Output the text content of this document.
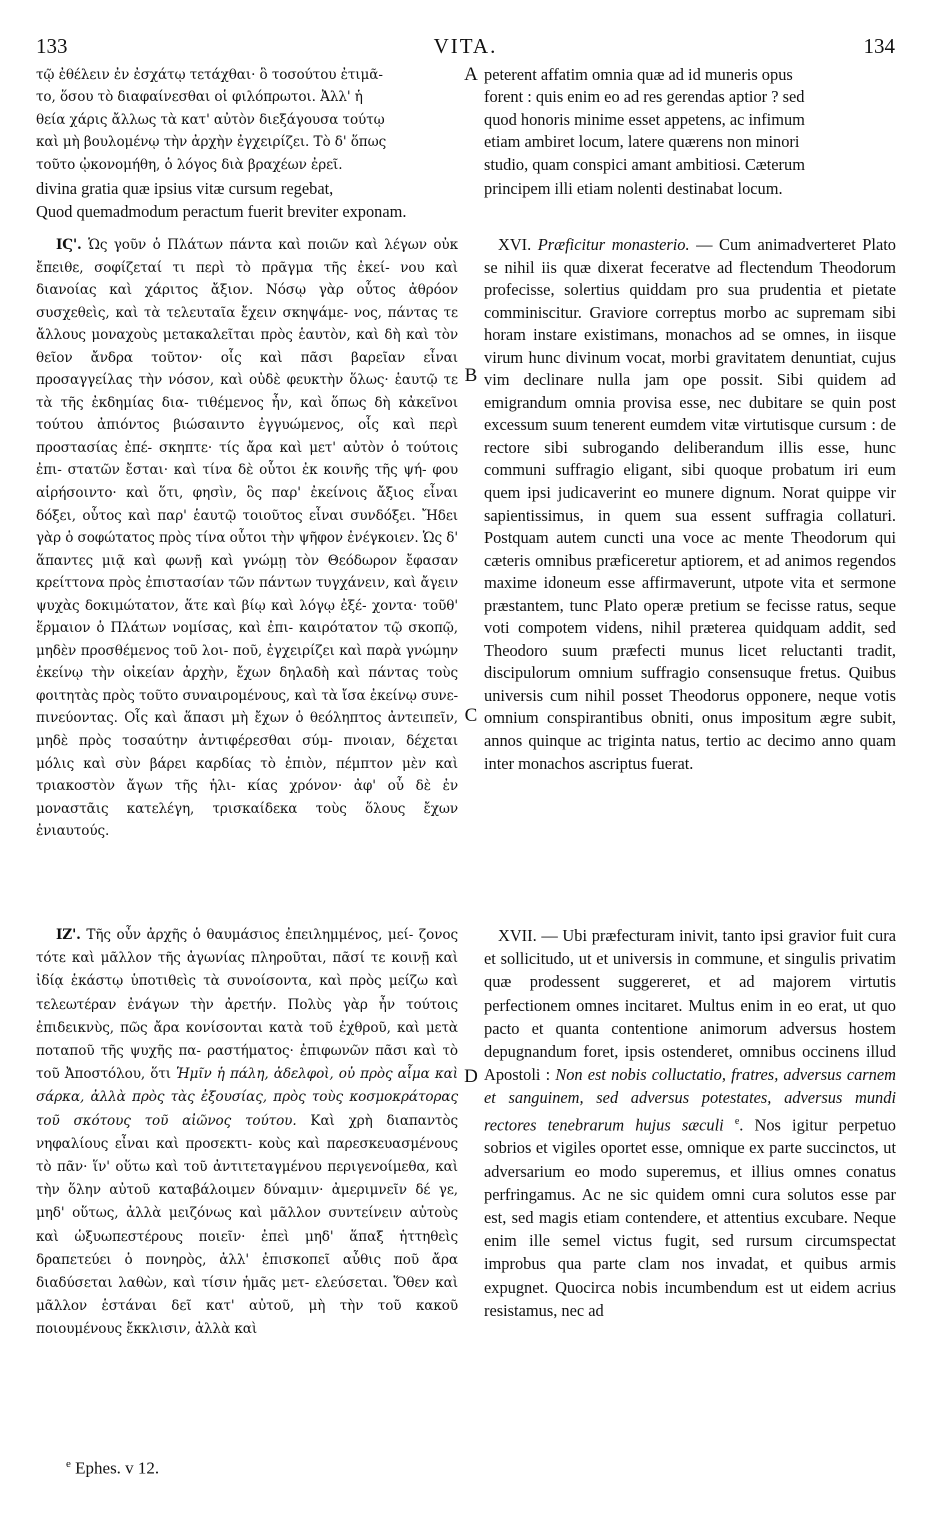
133	VITA.	134
τῷ ἐθέλειν ἐν ἐσχάτῳ τετάχθαι· ὃ τοσούτου ἐτιμᾶ-
το, ὅσου τὸ διαφαίνεσθαι οἱ φιλόπρωτοι. Ἀλλ' ἡ
θεία χάρις ἄλλως τὰ κατ' αὐτὸν διεξάγουσα τούτῳ
καὶ μὴ βουλομένῳ τὴν ἀρχὴν ἐγχειρίζει. Τὸ δ' ὅπως
τοῦτο ᾠκονομήθη, ὁ λόγος διὰ βραχέων ἐρεῖ.
peterent affatim omnia quæ ad id muneris opus
forent : quis enim eo ad res gerendas aptior ? sed
quod honoris minime esset appetens, ac infimum
etiam ambiret locum, latere quærens non minori
studio, quam conspici amant ambitiosi. Cæterum
divina gratia quæ ipsius vitæ cursum regebat,	principem illi etiam nolenti destinabat locum.
Quod quemadmodum peractum fuerit breviter exponam.
A
B
C
D

ΙϚ'. Ὡς γοῦν ὁ Πλάτων πάντα καὶ ποιῶν καὶ λέγων οὐκ ἔπειθε, σοφίζεταί τι περὶ τὸ πρᾶγμα τῆς ἐκεί- νου καὶ διανοίας καὶ χάριτος ἄξιον. Νόσῳ γὰρ οὗτος ἀθρόον συσχεθεὶς, καὶ τὰ τελευταῖα ἔχειν σκηψάμε- νος, πάντας τε ἄλλους μοναχοὺς μετακαλεῖται πρὸς ἑαυτὸν, καὶ δὴ καὶ τὸν θεῖον ἄνδρα τοῦτον· οἷς καὶ πᾶσι βαρεῖαν εἶναι προσαγγείλας τὴν νόσον, καὶ οὐδὲ φευκτὴν ὅλως· ἑαυτῷ τε τὰ τῆς ἐκδημίας δια- τιθέμενος ἦν, καὶ ὅπως δὴ κἀκεῖνοι τούτου ἀπιόντος βιώσαιντο ἐγγυώμενος, οἷς καὶ περὶ προστασίας ἐπέ- σκηπτε· τίς ἄρα καὶ μετ' αὐτὸν ὁ τούτοις ἐπι- στατῶν ἔσται· καὶ τίνα δὲ οὗτοι ἐκ κοινῆς τῆς ψή- φου αἱρήσοιντο· καὶ ὅτι, φησὶν, ὃς παρ' ἐκείνοις ἄξιος εἶναι δόξει, οὗτος καὶ παρ' ἑαυτῷ τοιοῦτος εἶναι συνδόξει. Ἤδει γὰρ ὁ σοφώτατος πρὸς τίνα οὗτοι τὴν ψῆφον ἐνέγκοιεν. Ὡς δ' ἅπαντες μιᾷ καὶ φωνῇ καὶ γνώμῃ τὸν Θεόδωρον ἔφασαν κρείττονα πρὸς ἐπιστασίαν τῶν πάντων τυγχάνειν, καὶ ἄγειν ψυχὰς δοκιμώτατον, ἅτε καὶ βίῳ καὶ λόγῳ ἐξέ- χοντα· τοῦθ' ἕρμαιον ὁ Πλάτων νομίσας, καὶ ἐπι- καιρότατον τῷ σκοπῷ, μηδὲν προσθέμενος τοῦ λοι- ποῦ, ἐγχειρίζει καὶ παρὰ γνώμην ἐκείνῳ τὴν οἰκείαν ἀρχὴν, ἔχων δηλαδὴ καὶ πάντας τοὺς φοιτητὰς πρὸς τοῦτο συναιρομένους, καὶ τὰ ἴσα ἐκείνῳ συνε- πινεύοντας. Οἷς καὶ ἅπασι μὴ ἔχων ὁ θεόληπτος ἀντειπεῖν, μηδὲ πρὸς τοσαύτην ἀντιφέρεσθαι σύμ- πνοιαν, δέχεται μόλις καὶ σὺν βάρει καρδίας τὸ ἐπιὸν, πέμπτον μὲν καὶ τριακοστὸν ἄγων τῆς ἡλι- κίας χρόνον· ἀφ' οὗ δὲ ἐν μοναστᾶις κατελέγη, τρισκαίδεκα τοὺς ὅλους ἔχων ἐνιαυτούς.

XVI. Præficitur monasterio. — Cum animadverteret Plato se nihil iis quæ dixerat feceratve ad flectendum Theodorum profecisse, solertius quiddam pro sua prudentia et pietate comminiscitur. Graviore correptus morbo ac supremam sibi horam instare existimans, monachos ad se omnes, in iisque virum hunc divinum vocat, morbi gravitatem denuntiat, cujus vim declinare nulla jam ope possit. Sibi quidem ad emigrandum omnia provisa esse, nec dubitare se quin post excessum suum tenerent eumdem vitæ virtutisque cursum : de rectore sibi subrogando deliberandum illis esse, hunc communi suffragio eligant, sibi quoque probatum iri eum quem ipsi judicaverint eo munere dignum. Norat quippe vir sapientissimus, in quem sua essent suffragia collaturi. Postquam autem cuncti una voce ac mente Theodorum qui cæteris omnibus præficeretur aptiorem, et ad animos regendos maxime idoneum esse affirmaverunt, utpote vita et sermone præstantem, tunc Plato operæ pretium se fecisse ratus, seque voti compotem videns, nihil præterea quidquam addit, sed Theodoro suum præfecti munus licet reluctanti tradit, discipulorum omnium suffragio consensuque fretus. Quibus universis cum nihil posset Theodorus opponere, neque votis omnium conspirantibus obniti, onus impositum ægre subit, annos quinque ac triginta natus, tertio ac decimo anno quam inter monachos ascriptus fuerat.

ΙΖ'. Τῆς οὖν ἀρχῆς ὁ θαυμάσιος ἐπειλημμένος, μεί- ζονος τότε καὶ μᾶλλον τῆς ἀγωνίας πληροῦται, πᾶσί τε κοινῇ καὶ ἰδίᾳ ἑκάστῳ ὑποτιθεὶς τὰ συνοίσοντα, καὶ πρὸς μείζω καὶ τελεωτέραν ἐνάγων τὴν ἀρετήν. Πολὺς γὰρ ἦν τούτοις ἐπιδεικνὺς, πῶς ἄρα κονίσονται κατὰ τοῦ ἐχθροῦ, καὶ μετὰ ποταποῦ τῆς ψυχῆς πα- ραστήματος· ἐπιφωνῶν πᾶσι καὶ τὸ τοῦ Ἀποστόλου, ὅτι Ἡμῖν ἡ πάλη, ἀδελφοὶ, οὐ πρὸς αἷμα καὶ σάρκα, ἀλλὰ πρὸς τὰς ἐξουσίας, πρὸς τοὺς κοσμοκράτορας τοῦ σκότους τοῦ αἰῶνος τούτου. Καὶ χρὴ διαπαντὸς νηφαλίους εἶναι καὶ προσεκτι- κοὺς καὶ παρεσκευασμένους τὸ πᾶν· ἵν' οὕτω καὶ τοῦ ἀντιτεταγμένου περιγενοίμεθα, καὶ τὴν ὅλην αὐτοῦ καταβάλοιμεν δύναμιν· ἀμεριμνεῖν δέ γε, μηδ' οὕτως, ἀλλὰ μειζόνως καὶ μᾶλλον συντείνειν αὐτοὺς καὶ ὡξυωπεστέρους ποιεῖν· ἐπεὶ μηδ' ἅπαξ ἡττηθεὶς δραπετεύει ὁ πονηρὸς, ἀλλ' ἐπισκοπεῖ αὖθις ποῦ ἄρα διαδύσεται λαθὼν, καὶ τίσιν ἡμᾶς μετ- ελεύσεται. Ὅθεν καὶ μᾶλλον ἑστάναι δεῖ κατ' αὐτοῦ, μὴ τὴν τοῦ κακοῦ ποιουμένους ἔκκλισιν, ἀλλὰ καὶ

XVII. — Ubi præfecturam inivit, tanto ipsi gravior fuit cura et sollicitudo, ut et universis in commune, et singulis privatim quæ prodessent suggereret, et ad majorem virtutis perfectionem omnes incitaret. Multus enim in eo erat, ut quo pacto et quanta contentione animorum adversus hostem depugnandum foret, ipsis ostenderet, omnibus occinens illud Apostoli : Non est nobis colluctatio, fratres, adversus carnem et sanguinem, sed adversus potestates, adversus mundi rectores tenebrarum hujus sæculi $^e$. Nos igitur perpetuo sobrios et vigiles oportet esse, omnique ex parte succinctos, ut adversarium eo modo superemus, et illius omnes conatus perfringamus. Ac ne sic quidem omni cura solutos esse par est, sed magis etiam contendere, et attentius excubare. Neque enim ille semel victus fugit, sed rursum circumspectat improbus qua parte clam nos invadat, et quibus armis expugnet. Quocirca nobis incumbendum est ut eidem acrius resistamus, nec ad

$^e$ Ephes. v 12.
